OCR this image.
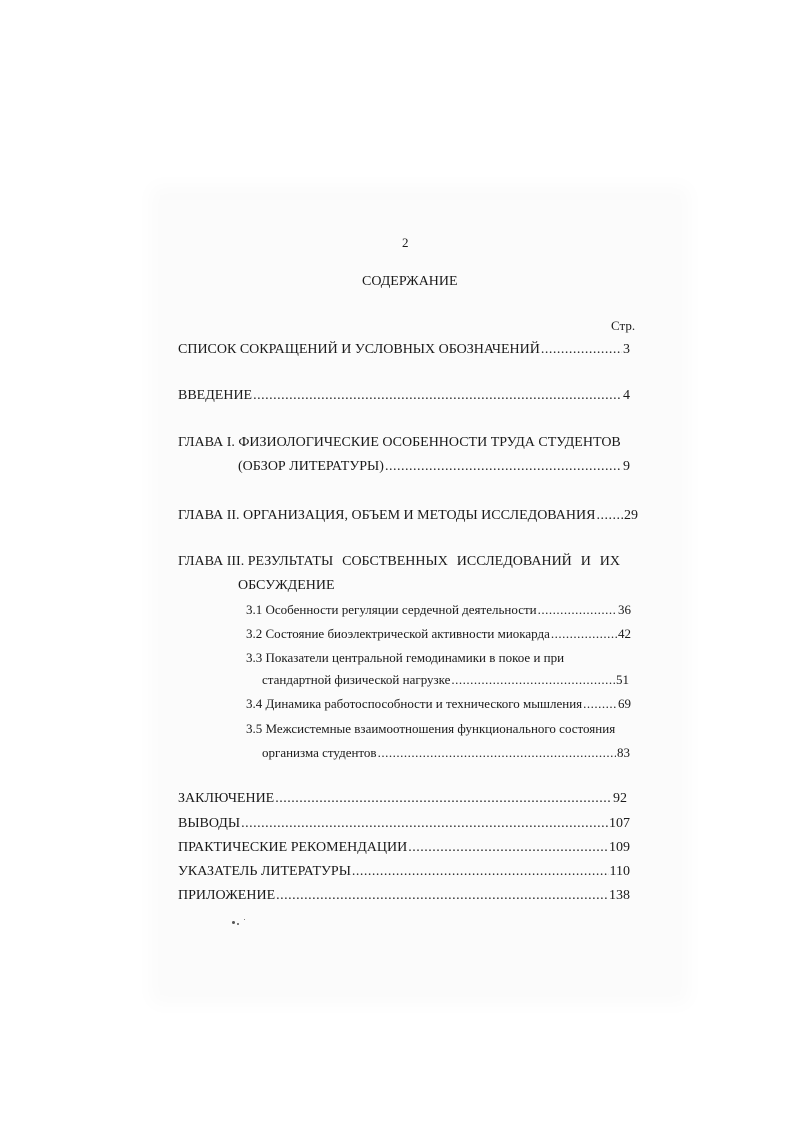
2
СОДЕРЖАНИЕ
Стр.
СПИСОК СОКРАЩЕНИЙ И УСЛОВНЫХ ОБОЗНАЧЕНИЙ .....	3
ВВЕДЕНИЕ .....	4
ГЛАВА I. ФИЗИОЛОГИЧЕСКИЕ ОСОБЕННОСТИ ТРУДА СТУДЕНТОВ
(ОБЗОР ЛИТЕРАТУРЫ) .....	9
ГЛАВА II. ОРГАНИЗАЦИЯ, ОБЪЕМ И МЕТОДЫ ИССЛЕДОВАНИЯ ..... 29
ГЛАВА III. РЕЗУЛЬТАТЫ СОБСТВЕННЫХ ИССЛЕДОВАНИЙ И ИХ
ОБСУЖДЕНИЕ
3.1 Особенности регуляции сердечной деятельности .....	36
3.2 Состояние биоэлектрической активности миокарда .....	42
3.3 Показатели центральной гемодинамики в покое и при
стандартной физической нагрузке .....	51
3.4 Динамика работоспособности и технического мышления .....	69
3.5 Межсистемные взаимоотношения функционального состояния
организма студентов .....	83
ЗАКЛЮЧЕНИЕ .....	92
ВЫВОДЫ .....	107
ПРАКТИЧЕСКИЕ РЕКОМЕНДАЦИИ .....	109
УКАЗАТЕЛЬ ЛИТЕРАТУРЫ .....	110
ПРИЛОЖЕНИЕ .....	138
